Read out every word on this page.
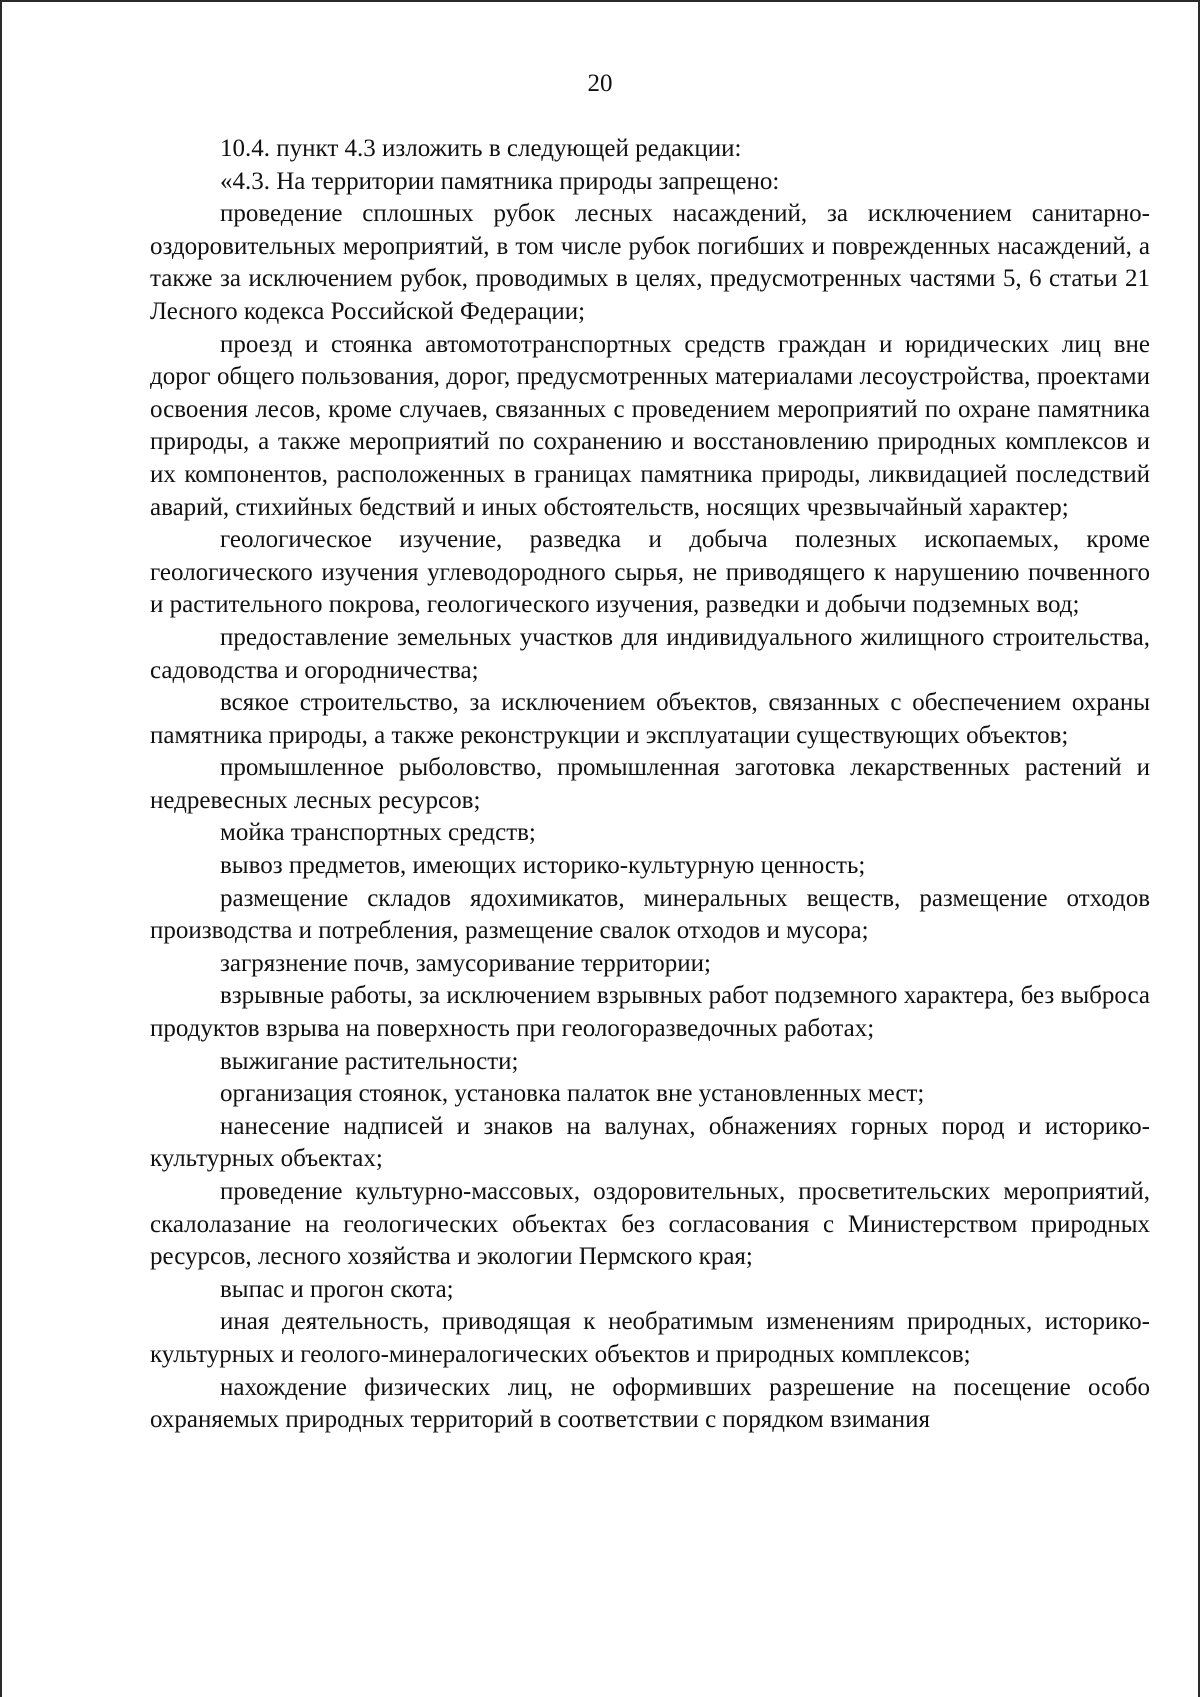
20

10.4. пункт 4.3 изложить в следующей редакции:

«4.3. На территории памятника природы запрещено:

проведение сплошных рубок лесных насаждений, за исключением санитарно-оздоровительных мероприятий, в том числе рубок погибших и поврежденных насаждений, а также за исключением рубок, проводимых в целях, предусмотренных частями 5, 6 статьи 21 Лесного кодекса Российской Федерации;

проезд и стоянка автомототранспортных средств граждан и юридических лиц вне дорог общего пользования, дорог, предусмотренных материалами лесоустройства, проектами освоения лесов, кроме случаев, связанных с проведением мероприятий по охране памятника природы, а также мероприятий по сохранению и восстановлению природных комплексов и их компонентов, расположенных в границах памятника природы, ликвидацией последствий аварий, стихийных бедствий и иных обстоятельств, носящих чрезвычайный характер;

геологическое изучение, разведка и добыча полезных ископаемых, кроме геологического изучения углеводородного сырья, не приводящего к нарушению почвенного и растительного покрова, геологического изучения, разведки и добычи подземных вод;

предоставление земельных участков для индивидуального жилищного строительства, садоводства и огородничества;

всякое строительство, за исключением объектов, связанных с обеспечением охраны памятника природы, а также реконструкции и эксплуатации существующих объектов;

промышленное рыболовство, промышленная заготовка лекарственных растений и недревесных лесных ресурсов;

мойка транспортных средств;

вывоз предметов, имеющих историко-культурную ценность;

размещение складов ядохимикатов, минеральных веществ, размещение отходов производства и потребления, размещение свалок отходов и мусора;

загрязнение почв, замусоривание территории;

взрывные работы, за исключением взрывных работ подземного характера, без выброса продуктов взрыва на поверхность при геологоразведочных работах;

выжигание растительности;

организация стоянок, установка палаток вне установленных мест;

нанесение надписей и знаков на валунах, обнажениях горных пород и историко-культурных объектах;

проведение культурно-массовых, оздоровительных, просветительских мероприятий, скалолазание на геологических объектах без согласования с Министерством природных ресурсов, лесного хозяйства и экологии Пермского края;

выпас и прогон скота;

иная деятельность, приводящая к необратимым изменениям природных, историко-культурных и геолого-минералогических объектов и природных комплексов;

нахождение физических лиц, не оформивших разрешение на посещение особо охраняемых природных территорий в соответствии с порядком взимания
